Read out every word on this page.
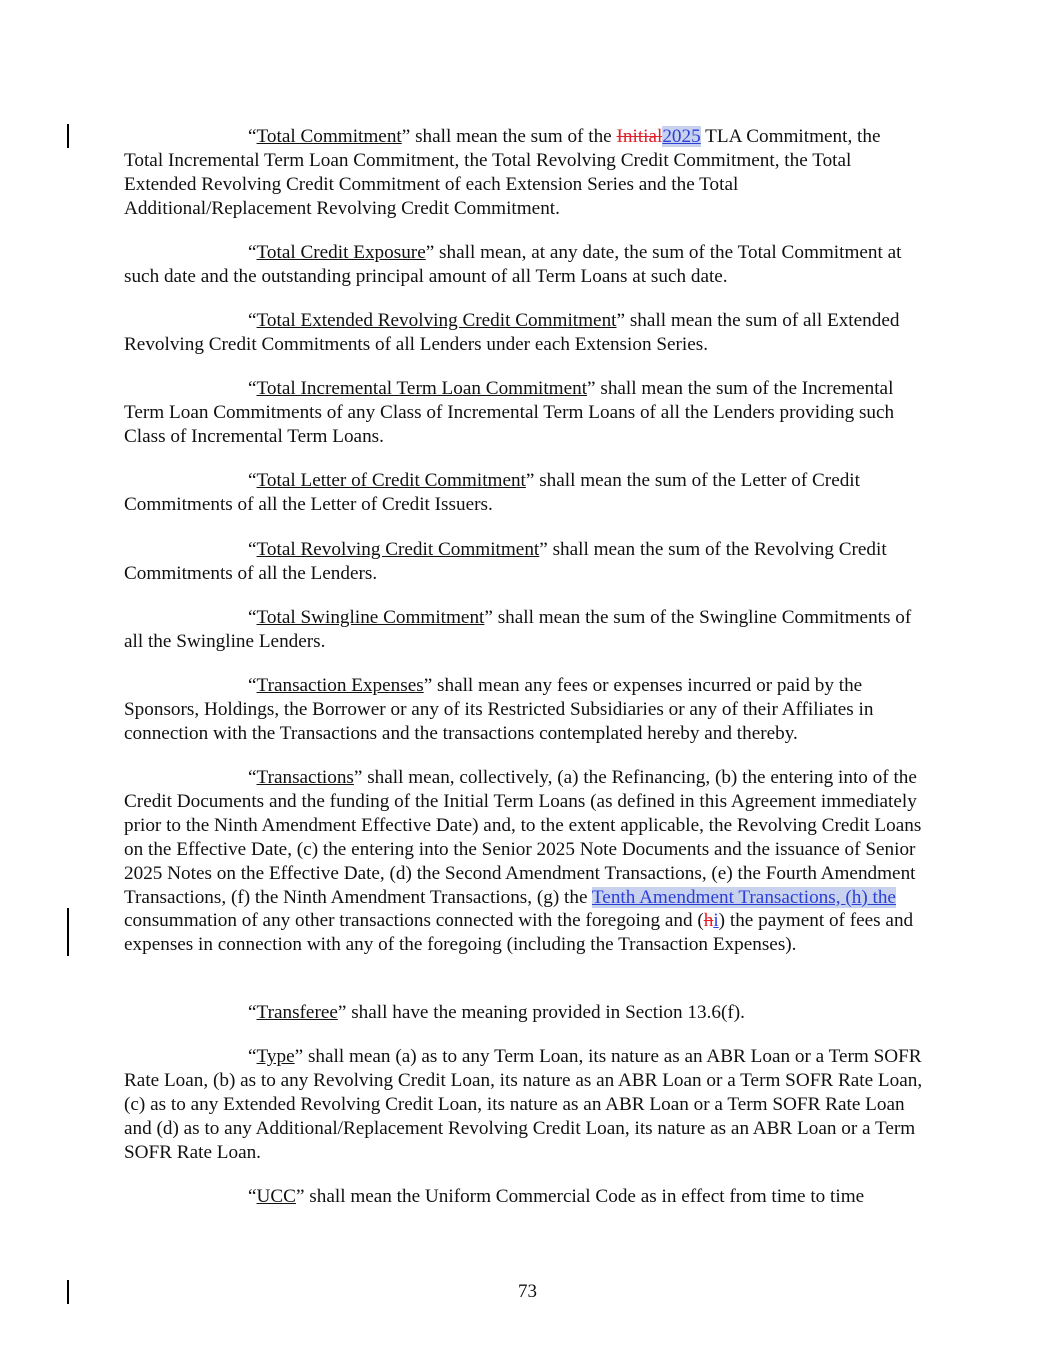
“Total Commitment” shall mean the sum of the Initial2025 TLA Commitment, the Total Incremental Term Loan Commitment, the Total Revolving Credit Commitment, the Total Extended Revolving Credit Commitment of each Extension Series and the Total Additional/Replacement Revolving Credit Commitment.

“Total Credit Exposure” shall mean, at any date, the sum of the Total Commitment at such date and the outstanding principal amount of all Term Loans at such date.

“Total Extended Revolving Credit Commitment” shall mean the sum of all Extended Revolving Credit Commitments of all Lenders under each Extension Series.

“Total Incremental Term Loan Commitment” shall mean the sum of the Incremental Term Loan Commitments of any Class of Incremental Term Loans of all the Lenders providing such Class of Incremental Term Loans.

“Total Letter of Credit Commitment” shall mean the sum of the Letter of Credit Commitments of all the Letter of Credit Issuers.

“Total Revolving Credit Commitment” shall mean the sum of the Revolving Credit Commitments of all the Lenders.

“Total Swingline Commitment” shall mean the sum of the Swingline Commitments of all the Swingline Lenders.

“Transaction Expenses” shall mean any fees or expenses incurred or paid by the Sponsors, Holdings, the Borrower or any of its Restricted Subsidiaries or any of their Affiliates in connection with the Transactions and the transactions contemplated hereby and thereby.

“Transactions” shall mean, collectively, (a) the Refinancing, (b) the entering into of the Credit Documents and the funding of the Initial Term Loans (as defined in this Agreement immediately prior to the Ninth Amendment Effective Date) and, to the extent applicable, the Revolving Credit Loans on the Effective Date, (c) the entering into the Senior 2025 Note Documents and the issuance of Senior 2025 Notes on the Effective Date, (d) the Second Amendment Transactions, (e) the Fourth Amendment Transactions, (f) the Ninth Amendment Transactions, (g) the Tenth Amendment Transactions, (h) the consummation of any other transactions connected with the foregoing and (hi) the payment of fees and expenses in connection with any of the foregoing (including the Transaction Expenses).

“Transferee” shall have the meaning provided in Section 13.6(f).

“Type” shall mean (a) as to any Term Loan, its nature as an ABR Loan or a Term SOFR Rate Loan, (b) as to any Revolving Credit Loan, its nature as an ABR Loan or a Term SOFR Rate Loan, (c) as to any Extended Revolving Credit Loan, its nature as an ABR Loan or a Term SOFR Rate Loan and (d) as to any Additional/Replacement Revolving Credit Loan, its nature as an ABR Loan or a Term SOFR Rate Loan.

“UCC” shall mean the Uniform Commercial Code as in effect from time to time

73
